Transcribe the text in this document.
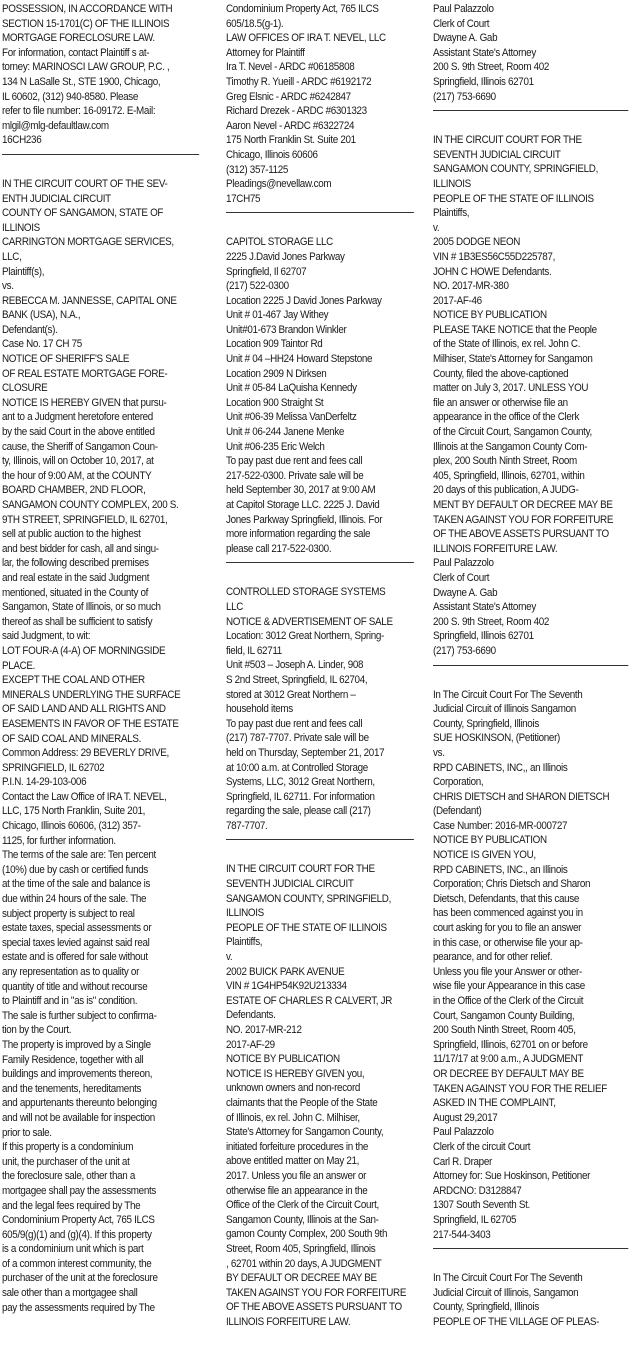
POSSESSION, IN ACCORDANCE WITH
SECTION 15-1701(C) OF THE ILLINOIS
MORTGAGE FORECLOSURE LAW.
For information, contact Plaintiff s at-
torney: MARINOSCI LAW GROUP, P.C. ,
134 N LaSalle St., STE 1900, Chicago,
IL 60602, (312) 940-8580. Please
refer to file number: 16-09172. E-Mail:
mlgil@mlg-defaultlaw.com
16CH236
IN THE CIRCUIT COURT OF THE SEV-
ENTH JUDICIAL CIRCUIT
COUNTY OF SANGAMON, STATE OF
ILLINOIS
CARRINGTON MORTGAGE SERVICES,
LLC,
Plaintiff(s),
vs.
REBECCA M. JANNESSE, CAPITAL ONE
BANK (USA), N.A.,
Defendant(s).
Case No. 17 CH 75
NOTICE OF SHERIFF'S SALE
OF REAL ESTATE MORTGAGE FORE-
CLOSURE
NOTICE IS HEREBY GIVEN that pursu-
ant to a Judgment heretofore entered
by the said Court in the above entitled
cause, the Sheriff of Sangamon Coun-
ty, Illinois, will on October 10, 2017, at
the hour of 9:00 AM, at the COUNTY
BOARD CHAMBER, 2ND FLOOR,
SANGAMON COUNTY COMPLEX, 200 S.
9TH STREET, SPRINGFIELD, IL 62701,
sell at public auction to the highest
and best bidder for cash, all and singu-
lar, the following described premises
and real estate in the said Judgment
mentioned, situated in the County of
Sangamon, State of Illinois, or so much
thereof as shall be sufficient to satisfy
said Judgment, to wit:
LOT FOUR-A (4-A) OF MORNINGSIDE
PLACE.
EXCEPT THE COAL AND OTHER
MINERALS UNDERLYING THE SURFACE
OF SAID LAND AND ALL RIGHTS AND
EASEMENTS IN FAVOR OF THE ESTATE
OF SAID COAL AND MINERALS.
Common Address: 29 BEVERLY DRIVE,
SPRINGFIELD, IL 62702
P.I.N. 14-29-103-006
Contact the Law Office of IRA T. NEVEL,
LLC, 175 North Franklin, Suite 201,
Chicago, Illinois 60606, (312) 357-
1125, for further information.
The terms of the sale are: Ten percent
(10%) due by cash or certified funds
at the time of the sale and balance is
due within 24 hours of the sale. The
subject property is subject to real
estate taxes, special assessments or
special taxes levied against said real
estate and is offered for sale without
any representation as to quality or
quantity of title and without recourse
to Plaintiff and in "as is" condition.
The sale is further subject to confirma-
tion by the Court.
The property is improved by a Single
Family Residence, together with all
buildings and improvements thereon,
and the tenements, hereditaments
and appurtenants thereunto belonging
and will not be available for inspection
prior to sale.
If this property is a condominium
unit, the purchaser of the unit at
the foreclosure sale, other than a
mortgagee shall pay the assessments
and the legal fees required by The
Condominium Property Act, 765 ILCS
605/9(g)(1) and (g)(4). If this property
is a condominium unit which is part
of a common interest community, the
purchaser of the unit at the foreclosure
sale other than a mortgagee shall
pay the assessments required by The
Condominium Property Act, 765 ILCS
605/18.5(g-1).
LAW OFFICES OF IRA T. NEVEL, LLC
Attorney for Plaintiff
Ira T. Nevel - ARDC #06185808
Timothy R. Yueill - ARDC #6192172
Greg Elsnic - ARDC #6242847
Richard Drezek - ARDC #6301323
Aaron Nevel - ARDC #6322724
175 North Franklin St. Suite 201
Chicago, Illinois 60606
(312) 357-1125
Pleadings@nevellaw.com
17CH75
CAPITOL STORAGE LLC
2225 J.David Jones Parkway
Springfield, Il 62707
(217) 522-0300
Location 2225 J David Jones Parkway
Unit # 01-467 Jay Withey
Unit#01-673 Brandon Winkler
Location 909 Taintor Rd
Unit # 04 –HH24 Howard Stepstone
Location 2909 N Dirksen
Unit # 05-84 LaQuisha Kennedy
Location 900 Straight St
Unit #06-39 Melissa VanDerfeltz
Unit # 06-244 Janene Menke
Unit #06-235 Eric Welch
To pay past due rent and fees call
217-522-0300. Private sale will be
held September 30, 2017 at 9:00 AM
at Capitol Storage LLC. 2225 J. David
Jones Parkway Springfield, Illinois. For
more information regarding the sale
please call 217-522-0300.
CONTROLLED STORAGE SYSTEMS
LLC
NOTICE & ADVERTISEMENT OF SALE
Location: 3012 Great Northern, Spring-
field, IL 62711
Unit #503 – Joseph A. Linder, 908
S 2nd Street, Springfield, IL 62704,
stored at 3012 Great Northern –
household items
To pay past due rent and fees call
(217) 787-7707. Private sale will be
held on Thursday, September 21, 2017
at 10:00 a.m. at Controlled Storage
Systems, LLC, 3012 Great Northern,
Springfield, IL 62711. For information
regarding the sale, please call (217)
787-7707.
IN THE CIRCUIT COURT FOR THE
SEVENTH JUDICIAL CIRCUIT
SANGAMON COUNTY, SPRINGFIELD,
ILLINOIS
PEOPLE OF THE STATE OF ILLINOIS
Plaintiffs,
v.
2002 BUICK PARK AVENUE
VIN # 1G4HP54K92U213334
ESTATE OF CHARLES R CALVERT, JR
Defendants.
NO. 2017-MR-212
2017-AF-29
NOTICE BY PUBLICATION
NOTICE IS HEREBY GIVEN you,
unknown owners and non-record
claimants that the People of the State
of Illinois, ex rel. John C. Milhiser,
State's Attorney for Sangamon County,
initiated forfeiture procedures in the
above entitled matter on May 21,
2017. Unless you file an answer or
otherwise file an appearance in the
Office of the Clerk of the Circuit Court,
Sangamon County, Illinois at the San-
gamon County Complex, 200 South 9th
Street, Room 405, Springfield, Illinois
, 62701 within 20 days, A JUDGMENT
BY DEFAULT OR DECREE MAY BE
TAKEN AGAINST YOU FOR FORFEITURE
OF THE ABOVE ASSETS PURSUANT TO
ILLINOIS FORFEITURE LAW.
Paul Palazzolo
Clerk of Court
Dwayne A. Gab
Assistant State's Attorney
200 S. 9th Street, Room 402
Springfield, Illinois 62701
(217) 753-6690
IN THE CIRCUIT COURT FOR THE
SEVENTH JUDICIAL CIRCUIT
SANGAMON COUNTY, SPRINGFIELD,
ILLINOIS
PEOPLE OF THE STATE OF ILLINOIS
Plaintiffs,
v.
2005 DODGE NEON
VIN # 1B3ES56C55D225787,
JOHN C HOWE Defendants.
NO. 2017-MR-380
2017-AF-46
NOTICE BY PUBLICATION
PLEASE TAKE NOTICE that the People
of the State of Illinois, ex rel. John C.
Milhiser, State's Attorney for Sangamon
County, filed the above-captioned
matter on July 3, 2017. UNLESS YOU
file an answer or otherwise file an
appearance in the office of the Clerk
of the Circuit Court, Sangamon County,
Illinois at the Sangamon County Com-
plex, 200 South Ninth Street, Room
405, Springfield, Illinois, 62701, within
20 days of this publication, A JUDG-
MENT BY DEFAULT OR DECREE MAY BE
TAKEN AGAINST YOU FOR FORFEITURE
OF THE ABOVE ASSETS PURSUANT TO
ILLINOIS FORFEITURE LAW.
Paul Palazzolo
Clerk of Court
Dwayne A. Gab
Assistant State's Attorney
200 S. 9th Street, Room 402
Springfield, Illinois 62701
(217) 753-6690
In The Circuit Court For The Seventh
Judicial Circuit of Illinois Sangamon
County, Springfield, Illinois
SUE HOSKINSON, (Petitioner)
vs.
RPD CABINETS, INC,, an Illinois
Corporation,
CHRIS DIETSCH and SHARON DIETSCH
(Defendant)
Case Number: 2016-MR-000727
NOTICE BY PUBLICATION
NOTICE IS GIVEN YOU,
RPD CABINETS, INC., an Illinois
Corporation; Chris Dietsch and Sharon
Dietsch, Defendants, that this cause
has been commenced against you in
court asking for you to file an answer
in this case, or otherwise file your ap-
pearance, and for other relief.
Unless you file your Answer or other-
wise file your Appearance in this case
in the Office of the Clerk of the Circuit
Court, Sangamon County Building,
200 South Ninth Street, Room 405,
Springfield, Illinois, 62701 on or before
11/17/17 at 9:00 a.m., A JUDGMENT
OR DECREE BY DEFAULT MAY BE
TAKEN AGAINST YOU FOR THE RELIEF
ASKED IN THE COMPLAINT,
August 29,2017
Paul Palazzolo
Clerk of the circuit Court
Carl R. Draper
Attorney for: Sue Hoskinson, Petitioner
ARDCNO: D3128847
1307 South Seventh St.
Springfield, IL 62705
217-544-3403
In The Circuit Court For The Seventh
Judicial Circuit of Illinois, Sangamon
County, Springfield, Illinois
PEOPLE OF THE VILLAGE OF PLEAS-
